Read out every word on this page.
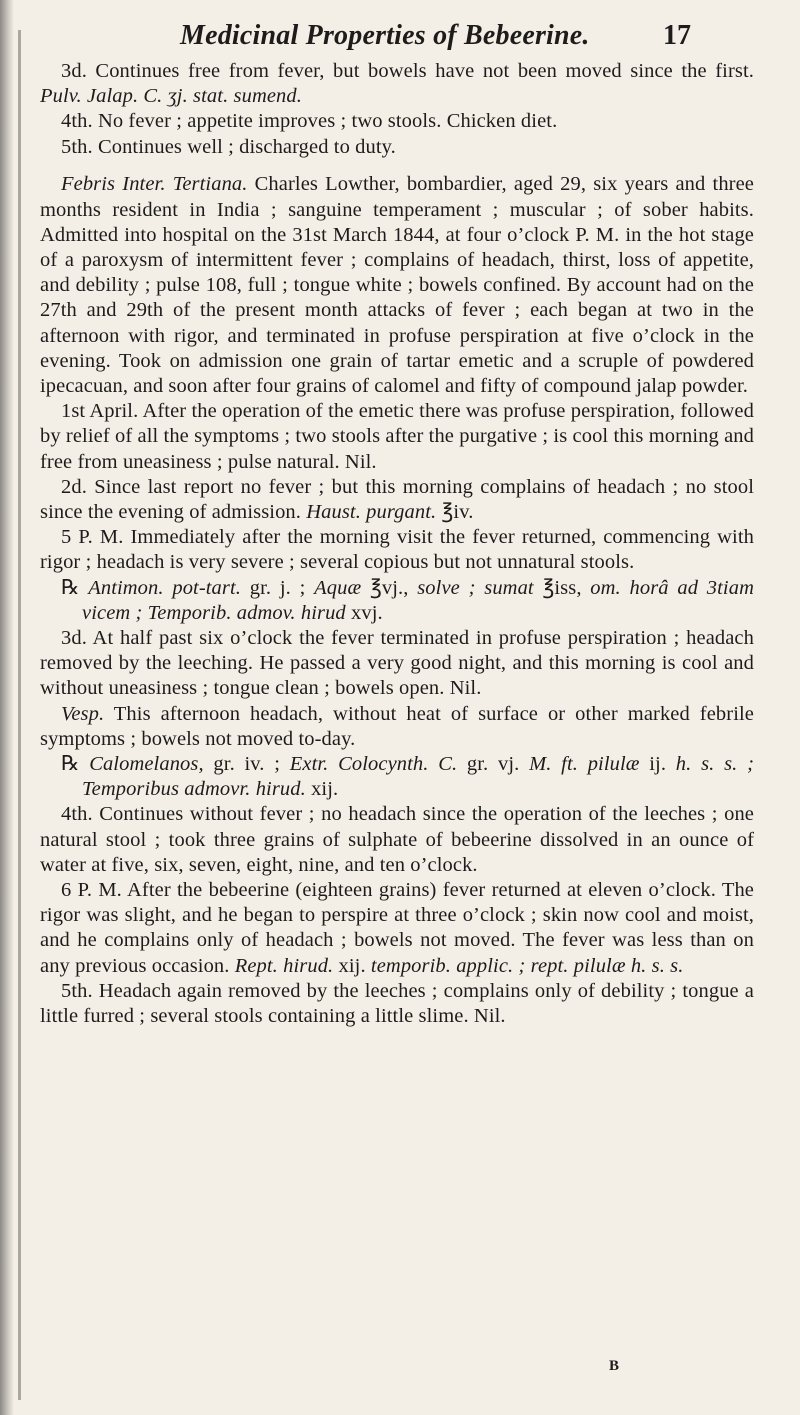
Medicinal Properties of Bebeerine.	17

3d. Continues free from fever, but bowels have not been moved since the first. Pulv. Jalap. C. ʒj. stat. sumend.

4th. No fever ; appetite improves ; two stools. Chicken diet.

5th. Continues well ; discharged to duty.

Febris Inter. Tertiana. Charles Lowther, bombardier, aged 29, six years and three months resident in India ; sanguine temperament ; muscular ; of sober habits. Admitted into hospital on the 31st March 1844, at four o’clock P. M. in the hot stage of a paroxysm of intermittent fever ; complains of headach, thirst, loss of appetite, and debility ; pulse 108, full ; tongue white ; bowels confined. By account had on the 27th and 29th of the present month attacks of fever ; each began at two in the afternoon with rigor, and terminated in profuse perspiration at five o’clock in the evening. Took on admission one grain of tartar emetic and a scruple of powdered ipecacuan, and soon after four grains of calomel and fifty of compound jalap powder.

1st April. After the operation of the emetic there was profuse perspiration, followed by relief of all the symptoms ; two stools after the purgative ; is cool this morning and free from uneasiness ; pulse natural. Nil.

2d. Since last report no fever ; but this morning complains of headach ; no stool since the evening of admission. Haust. purgant. ℥iv.

5 P. M. Immediately after the morning visit the fever returned, commencing with rigor ; headach is very severe ; several copious but not unnatural stools.

℞ Antimon. pot-tart. gr. j. ; Aquæ ℥vj., solve ; sumat ℥iss, om. horâ ad 3tiam vicem ; Temporib. admov. hirud xvj.

3d. At half past six o’clock the fever terminated in profuse perspiration ; headach removed by the leeching. He passed a very good night, and this morning is cool and without uneasiness ; tongue clean ; bowels open. Nil.

Vesp. This afternoon headach, without heat of surface or other marked febrile symptoms ; bowels not moved to-day.

℞ Calomelanos, gr. iv. ; Extr. Colocynth. C. gr. vj. M. ft. pilulæ ij. h. s. s. ; Temporibus admovr. hirud. xij.

4th. Continues without fever ; no headach since the operation of the leeches ; one natural stool ; took three grains of sulphate of bebeerine dissolved in an ounce of water at five, six, seven, eight, nine, and ten o’clock.

6 P. M. After the bebeerine (eighteen grains) fever returned at eleven o’clock. The rigor was slight, and he began to perspire at three o’clock ; skin now cool and moist, and he complains only of headach ; bowels not moved. The fever was less than on any previous occasion. Rept. hirud. xij. temporib. applic. ; rept. pilulæ h. s. s.

5th. Headach again removed by the leeches ; complains only of debility ; tongue a little furred ; several stools containing a little slime. Nil.

B
